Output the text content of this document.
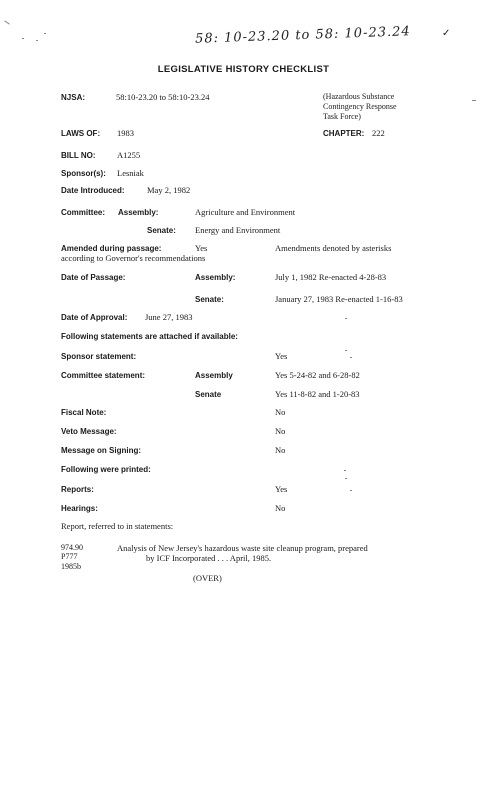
58: 10-23.20 to 58: 10-23.24	✓
LEGISLATIVE HISTORY CHECKLIST
NJSA:	58:10-23.20 to 58:10-23.24	(Hazardous Substance
Contingency Response
Task Force)
LAWS OF: 1983	CHAPTER: 222
BILL NO:	A1255
Sponsor(s): Lesniak
Date Introduced:	May 2, 1982
Committee: Assembly:	Agriculture and Environment
Senate: Energy and Environment
Amended during passage:	Yes	Amendments denoted by asterisks
according to Governor's recommendations
Date of Passage:	Assembly:	July 1, 1982 Re-enacted 4-28-83
Senate:	January 27, 1983 Re-enacted 1-16-83
Date of Approval: June 27, 1983
Following statements are attached if available:
Sponsor statement:	Yes
Committee statement:	Assembly	Yes 5-24-82 and 6-28-82
Senate	Yes 11-8-82 and 1-20-83
Fiscal Note:	No
Veto Message:	No
Message on Signing:	No
Following were printed:
Reports:	Yes
Hearings:	No
Report, referred to in statements:
974.90
P777
1985b
Analysis of New Jersey's hazardous waste site cleanup program, prepared
by ICF Incorporated . . . April, 1985.
(OVER)
